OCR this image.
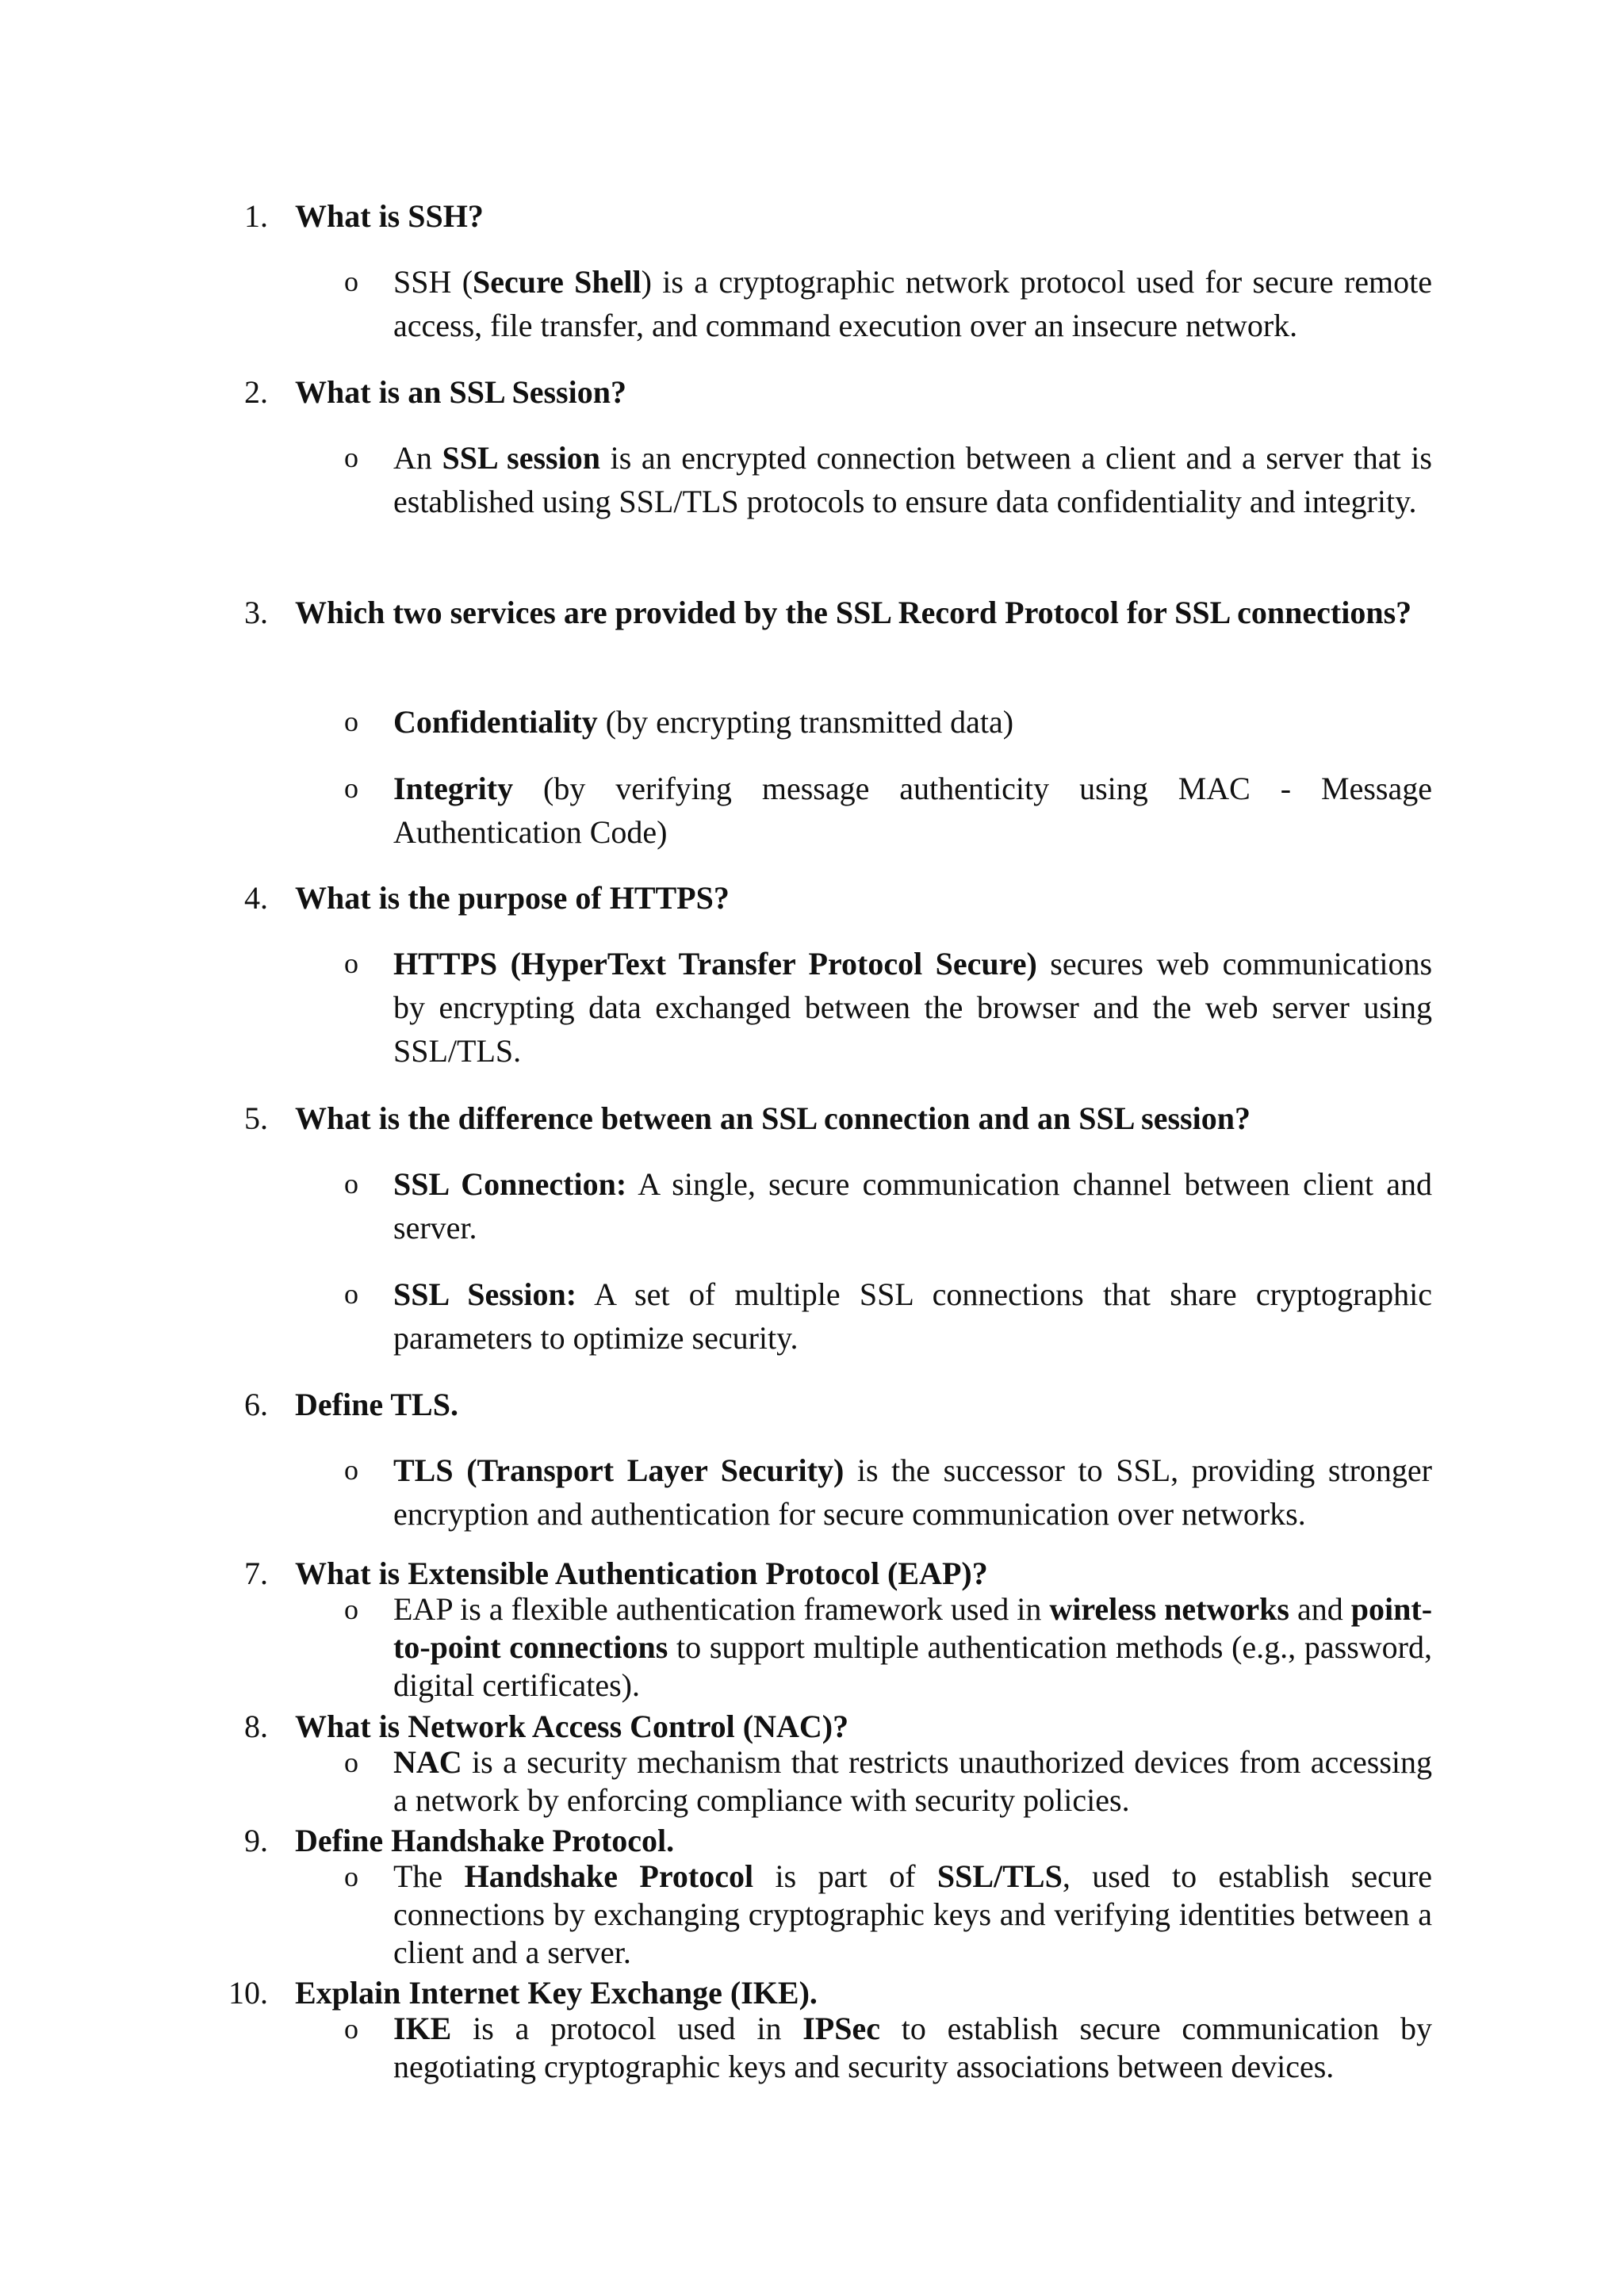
1. What is SSH?
o	SSH (Secure Shell) is a cryptographic network protocol used for secure remote access, file transfer, and command execution over an insecure network.
2. What is an SSL Session?
o	An SSL session is an encrypted connection between a client and a server that is established using SSL/TLS protocols to ensure data confidentiality and integrity.
3. Which two services are provided by the SSL Record Protocol for SSL connections?
o	Confidentiality (by encrypting transmitted data)
o	Integrity (by verifying message authenticity using MAC - Message Authentication Code)
4. What is the purpose of HTTPS?
o	HTTPS (HyperText Transfer Protocol Secure) secures web communications by encrypting data exchanged between the browser and the web server using SSL/TLS.
5. What is the difference between an SSL connection and an SSL session?
o	SSL Connection: A single, secure communication channel between client and server.
o	SSL Session: A set of multiple SSL connections that share cryptographic parameters to optimize security.
6. Define TLS.
o	TLS (Transport Layer Security) is the successor to SSL, providing stronger encryption and authentication for secure communication over networks.
7. What is Extensible Authentication Protocol (EAP)?
o	EAP is a flexible authentication framework used in wireless networks and point-to-point connections to support multiple authentication methods (e.g., password, digital certificates).
8. What is Network Access Control (NAC)?
o	NAC is a security mechanism that restricts unauthorized devices from accessing a network by enforcing compliance with security policies.
9. Define Handshake Protocol.
o	The Handshake Protocol is part of SSL/TLS, used to establish secure connections by exchanging cryptographic keys and verifying identities between a client and a server.
10. Explain Internet Key Exchange (IKE).
o	IKE is a protocol used in IPSec to establish secure communication by negotiating cryptographic keys and security associations between devices.
